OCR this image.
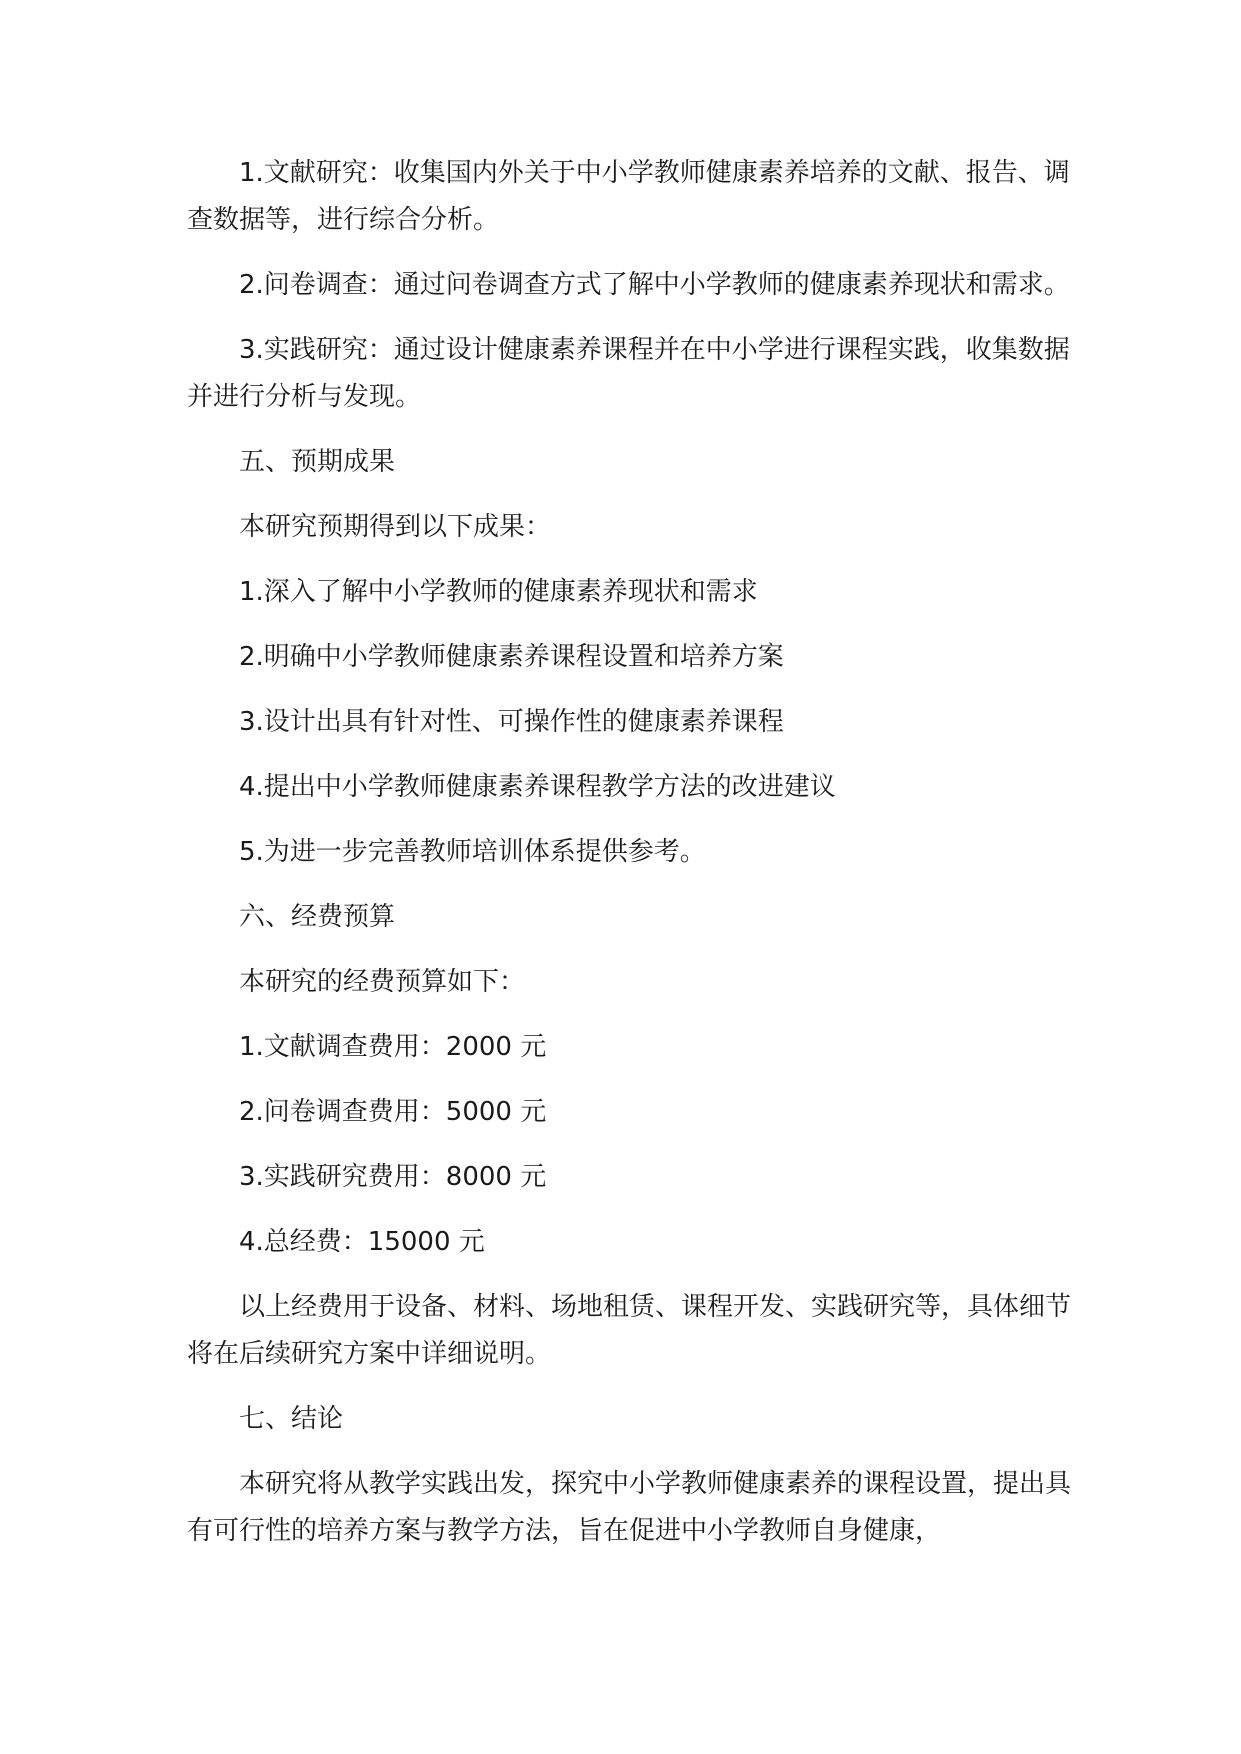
1.文献研究：收集国内外关于中小学教师健康素养培养的文献、报告、调查数据等，进行综合分析。

2.问卷调查：通过问卷调查方式了解中小学教师的健康素养现状和需求。

3.实践研究：通过设计健康素养课程并在中小学进行课程实践，收集数据并进行分析与发现。

五、预期成果

本研究预期得到以下成果：

1.深入了解中小学教师的健康素养现状和需求

2.明确中小学教师健康素养课程设置和培养方案

3.设计出具有针对性、可操作性的健康素养课程

4.提出中小学教师健康素养课程教学方法的改进建议

5.为进一步完善教师培训体系提供参考。

六、经费预算

本研究的经费预算如下：

1.文献调查费用：2000 元

2.问卷调查费用：5000 元

3.实践研究费用：8000 元

4.总经费：15000 元

以上经费用于设备、材料、场地租赁、课程开发、实践研究等，具体细节将在后续研究方案中详细说明。

七、结论

本研究将从教学实践出发，探究中小学教师健康素养的课程设置，提出具有可行性的培养方案与教学方法，旨在促进中小学教师自身健康，
